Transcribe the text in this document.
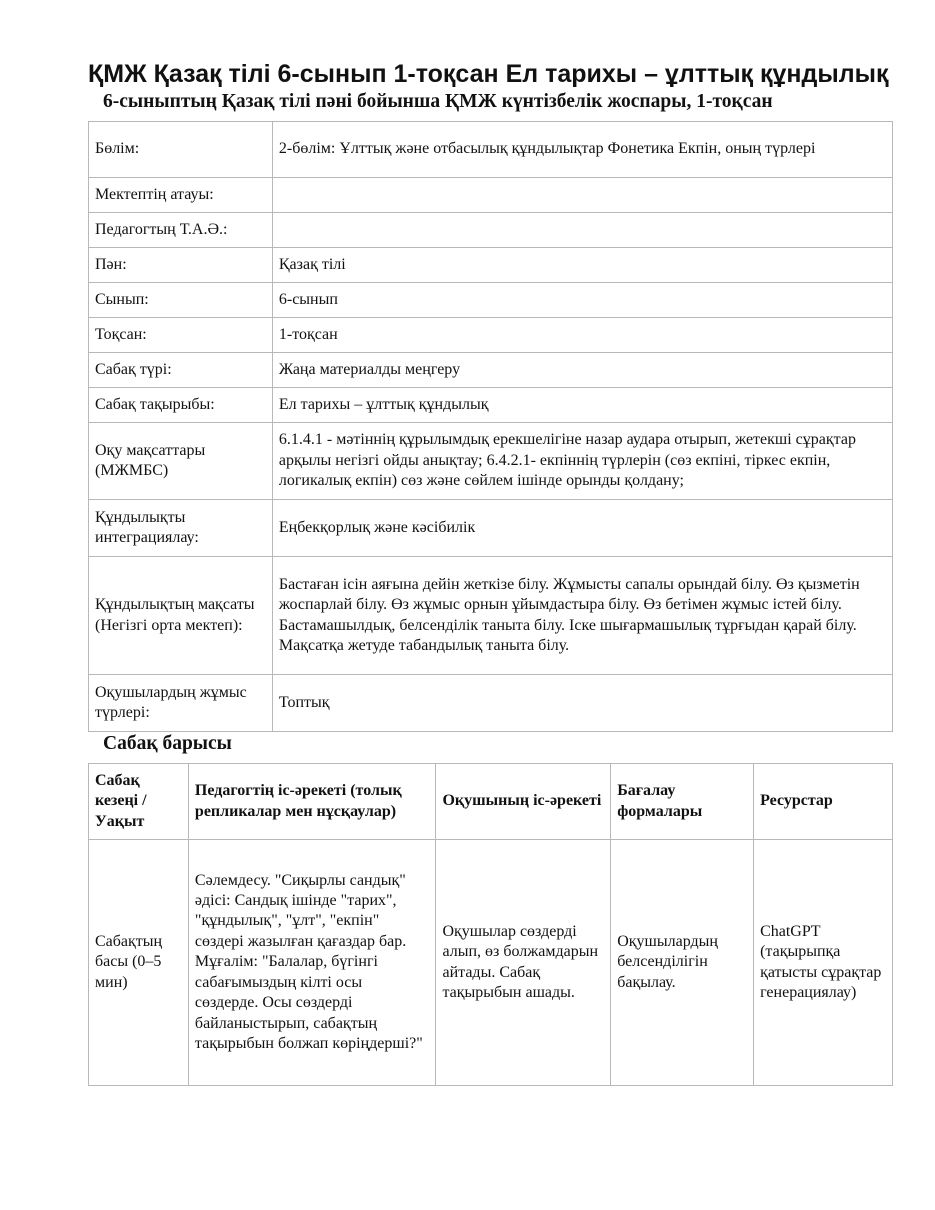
ҚМЖ Қазақ тілі 6-сынып 1-тоқсан Ел тарихы – ұлттық құндылық
6-сыныптың Қазақ тілі пәні бойынша ҚМЖ күнтізбелік жоспары, 1-тоқсан
Бөлім:	2-бөлім: Ұлттық және отбасылық құндылықтар Фонетика Екпін, оның түрлері
Мектептің атауы:	
Педагогтың Т.А.Ә.:	
Пән:	Қазақ тілі
Сынып:	6-сынып
Тоқсан:	1-тоқсан
Сабақ түрі:	Жаңа материалды меңгеру
Сабақ тақырыбы:	Ел тарихы – ұлттық құндылық
Оқу мақсаттары (МЖМБС)	6.1.4.1 - мәтіннің құрылымдық ерекшелігіне назар аудара отырып, жетекші сұрақтар арқылы негізгі ойды анықтау; 6.4.2.1- екпіннің түрлерін (сөз екпіні, тіркес екпін, логикалық екпін) сөз және сөйлем ішінде орынды қолдану;
Құндылықты интеграциялау:	Еңбекқорлық және кәсібилік
Құндылықтың мақсаты (Негізгі орта мектеп):	Бастаған ісін аяғына дейін жеткізе білу. Жұмысты сапалы орындай білу. Өз қызметін жоспарлай білу. Өз жұмыс орнын ұйымдастыра білу. Өз бетімен жұмыс істей білу. Бастамашылдық, белсенділік таныта білу. Іске шығармашылық тұрғыдан қарай білу. Мақсатқа жетуде табандылық таныта білу.
Оқушылардың жұмыс түрлері:	Топтық
Сабақ барысы
Сабақ кезеңі / Уақыт	Педагогтің іс-әрекеті (толық репликалар мен нұсқаулар)	Оқушының іс-әрекеті	Бағалау формалары	Ресурстар
Сабақтың басы (0–5 мин)	Сәлемдесу. "Сиқырлы сандық" әдісі: Сандық ішінде "тарих", "құндылық", "ұлт", "екпін" сөздері жазылған қағаздар бар. Мұғалім: "Балалар, бүгінгі сабағымыздың кілті осы сөздерде. Осы сөздерді байланыстырып, сабақтың тақырыбын болжап көріңдерші?"	Оқушылар сөздерді алып, өз болжамдарын айтады. Сабақ тақырыбын ашады.	Оқушылардың белсенділігін бақылау.	ChatGPT (тақырыпқа қатысты сұрақтар генерациялау)
